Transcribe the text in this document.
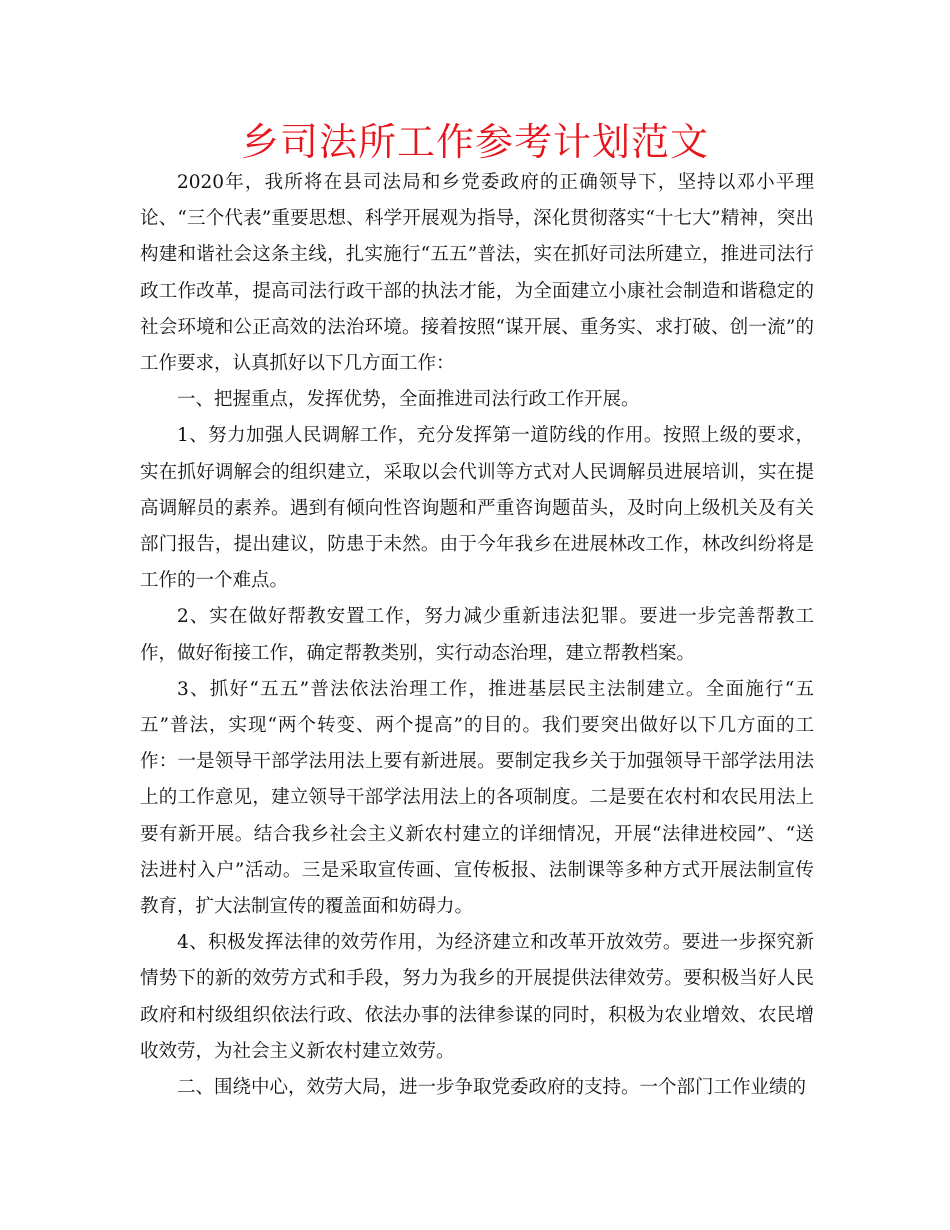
乡司法所工作参考计划范文

2020年，我所将在县司法局和乡党委政府的正确领导下，坚持以邓小平理论、“三个代表”重要思想、科学开展观为指导，深化贯彻落实“十七大”精神，突出构建和谐社会这条主线，扎实施行“五五”普法，实在抓好司法所建立，推进司法行政工作改革，提高司法行政干部的执法才能，为全面建立小康社会制造和谐稳定的社会环境和公正高效的法治环境。接着按照“谋开展、重务实、求打破、创一流”的工作要求，认真抓好以下几方面工作：

一、把握重点，发挥优势，全面推进司法行政工作开展。

1、努力加强人民调解工作，充分发挥第一道防线的作用。按照上级的要求，实在抓好调解会的组织建立，采取以会代训等方式对人民调解员进展培训，实在提高调解员的素养。遇到有倾向性咨询题和严重咨询题苗头，及时向上级机关及有关部门报告，提出建议，防患于未然。由于今年我乡在进展林改工作，林改纠纷将是工作的一个难点。

2、实在做好帮教安置工作，努力减少重新违法犯罪。要进一步完善帮教工作，做好衔接工作，确定帮教类别，实行动态治理，建立帮教档案。

3、抓好“五五”普法依法治理工作，推进基层民主法制建立。全面施行“五五”普法，实现“两个转变、两个提高”的目的。我们要突出做好以下几方面的工作：一是领导干部学法用法上要有新进展。要制定我乡关于加强领导干部学法用法上的工作意见，建立领导干部学法用法上的各项制度。二是要在农村和农民用法上要有新开展。结合我乡社会主义新农村建立的详细情况，开展“法律进校园”、“送法进村入户”活动。三是采取宣传画、宣传板报、法制课等多种方式开展法制宣传教育，扩大法制宣传的覆盖面和妨碍力。

4、积极发挥法律的效劳作用，为经济建立和改革开放效劳。要进一步探究新情势下的新的效劳方式和手段，努力为我乡的开展提供法律效劳。要积极当好人民政府和村级组织依法行政、依法办事的法律参谋的同时，积极为农业增效、农民增收效劳，为社会主义新农村建立效劳。

二、围绕中心，效劳大局，进一步争取党委政府的支持。一个部门工作业绩的
